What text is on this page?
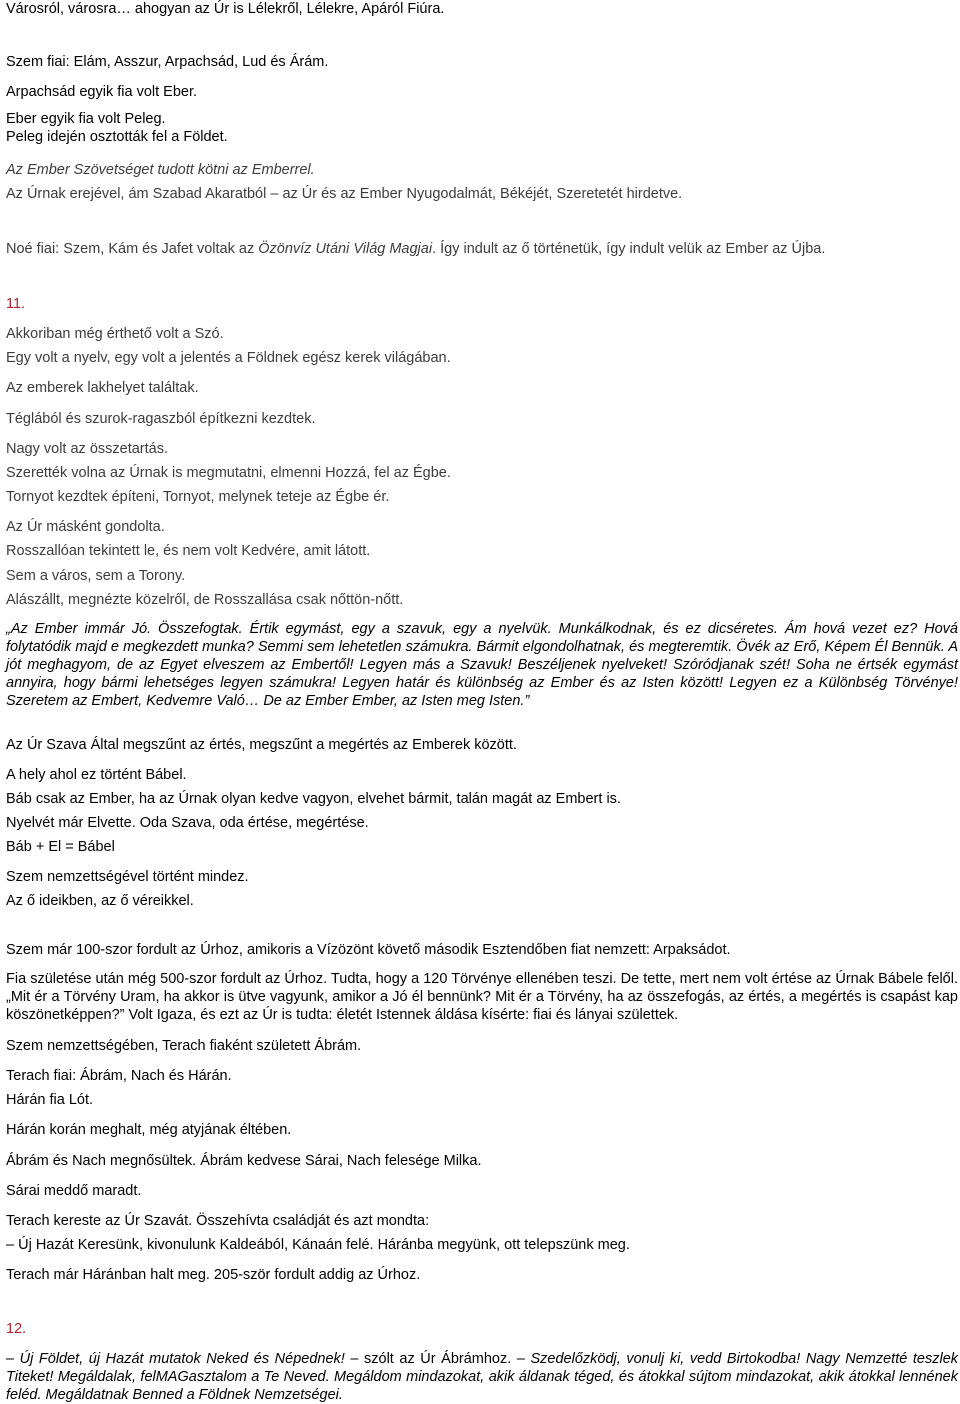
Városról, városra… ahogyan az Úr is Lélekről, Lélekre, Apáról Fiúra.
Szem fiai: Elám, Asszur, Arpachsád, Lud és Árám.
Arpachsád egyik fia volt Eber.
Eber egyik fia volt Peleg.
Peleg idején osztották fel a Földet.
Az Ember Szövetséget tudott kötni az Emberrel.
Az Úrnak erejével, ám Szabad Akaratból – az Úr és az Ember Nyugodalmát, Békéjét, Szeretetét hirdetve.
Noé fiai: Szem, Kám és Jafet voltak az Özönvíz Utáni Világ Magjai. Így indult az ő történetük, így indult velük az Ember az Újba.
11.
Akkoriban még érthető volt a Szó.
Egy volt a nyelv, egy volt a jelentés a Földnek egész kerek világában.
Az emberek lakhelyet találtak.
Téglából és szurok-ragaszból építkezni kezdtek.
Nagy volt az összetartás.
Szerették volna az Úrnak is megmutatni, elmenni Hozzá, fel az Égbe.
Tornyot kezdtek építeni, Tornyot, melynek teteje az Égbe ér.
Az Úr másként gondolta.
Rosszallóan tekintett le, és nem volt Kedvére, amit látott.
Sem a város, sem a Torony.
Alászállt, megnézte közelről, de Rosszallása csak nőttön-nőtt.
„Az Ember immár Jó. Összefogtak. Értik egymást, egy a szavuk, egy a nyelvük. Munkálkodnak, és ez dicséretes. Ám hová vezet ez? Hová folytatódik majd e megkezdett munka? Semmi sem lehetetlen számukra. Bármit elgondolhatnak, és megteremtik. Övék az Erő, Képem Él Bennük. A jót meghagyom, de az Egyet elveszem az Embertől! Legyen más a Szavuk! Beszéljenek nyelveket! Szóródjanak szét! Soha ne értsék egymást annyira, hogy bármi lehetséges legyen számukra! Legyen határ és különbség az Ember és az Isten között! Legyen ez a Különbség Törvénye! Szeretem az Embert, Kedvemre Való… De az Ember Ember, az Isten meg Isten.”
Az Úr Szava Által megszűnt az értés, megszűnt a megértés az Emberek között.
A hely ahol ez történt Bábel.
Báb csak az Ember, ha az Úrnak olyan kedve vagyon, elvehet bármit, talán magát az Embert is.
Nyelvét már Elvette. Oda Szava, oda értése, megértése.
Báb + El = Bábel
Szem nemzettségével történt mindez.
Az ő ideikben, az ő véreikkel.
Szem már 100-szor fordult az Úrhoz, amikoris a Vízözönt követő második Esztendőben fiat nemzett: Arpaksádot.
Fia születése után még 500-szor fordult az Úrhoz. Tudta, hogy a 120 Törvénye ellenében teszi. De tette, mert nem volt értése az Úrnak Bábele felől. „Mit ér a Törvény Uram, ha akkor is ütve vagyunk, amikor a Jó él bennünk? Mit ér a Törvény, ha az összefogás, az értés, a megértés is csapást kap köszönetképpen?” Volt Igaza, és ezt az Úr is tudta: életét Istennek áldása kísérte: fiai és lányai születtek.
Szem nemzettségében, Terach fiaként született Ábrám.
Terach fiai: Ábrám, Nach és Hárán.
Hárán fia Lót.
Hárán korán meghalt, még atyjának éltében.
Ábrám és Nach megnősültek. Ábrám kedvese Sárai, Nach felesége Milka.
Sárai meddő maradt.
Terach kereste az Úr Szavát. Összehívta családját és azt mondta:
– Új Hazát Keresünk, kivonulunk Kaldeából, Kánaán felé. Háránba megyünk, ott telepszünk meg.
Terach már Háránban halt meg. 205-ször fordult addig az Úrhoz.
12.
– Új Földet, új Hazát mutatok Neked és Népednek! – szólt az Úr Ábrámhoz. – Szedelőzködj, vonulj ki, vedd Birtokodba! Nagy Nemzetté teszlek Titeket! Megáldalak, felMAGasztalom a Te Neved. Megáldom mindazokat, akik áldanak téged, és átokkal sújtom mindazokat, akik átokkal lennének feléd. Megáldatnak Benned a Földnek Nemzetségei.
